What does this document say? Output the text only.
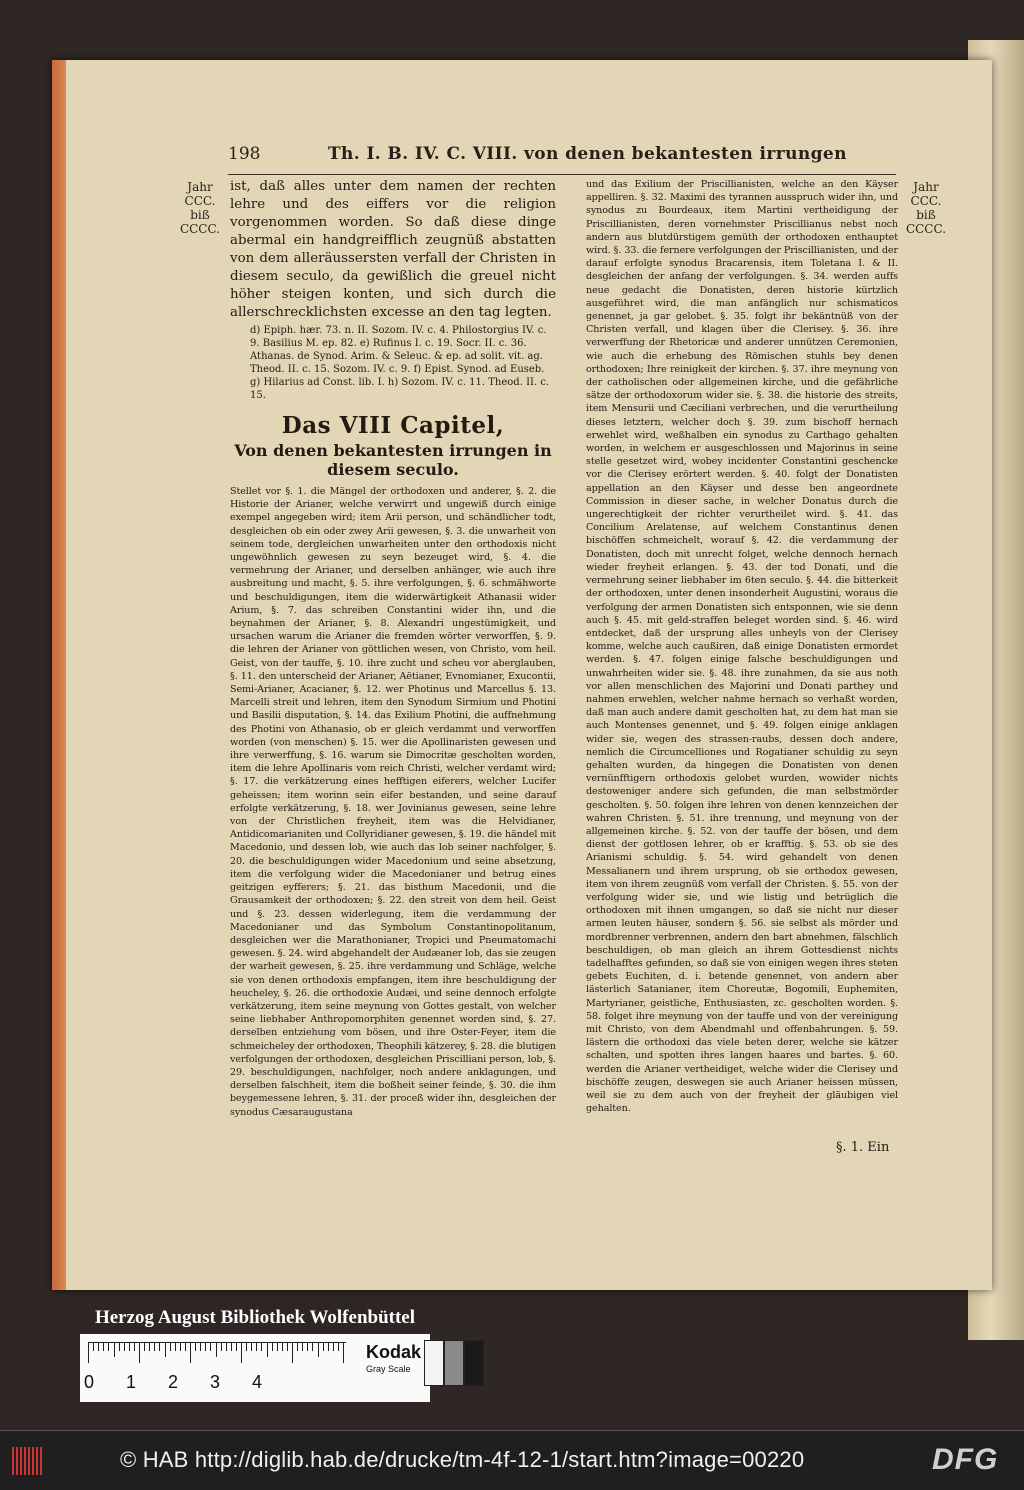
198	Th. I. B. IV. C. VIII. von denen bekantesten irrungen
Jahr
CCC.
biß
CCCC.
Jahr
CCC.
biß
CCCC.
ist, daß alles unter dem namen der rechten lehre und des eiffers vor die religion vorgenommen worden. So daß diese dinge abermal ein handgreifflich zeugnüß abstatten von dem alleräussersten verfall der Christen in diesem seculo, da gewißlich die greuel nicht höher steigen konten, und sich durch die allerschrecklichsten excesse an den tag legten.
d) Epiph. hær. 73. n. II. Sozom. IV. c. 4. Philostorgius IV. c. 9. Basilius M. ep. 82. e) Rufinus I. c. 19. Socr. II. c. 36. Athanas. de Synod. Arim. & Seleuc. & ep. ad solit. vit. ag. Theod. II. c. 15. Sozom. IV. c. 9. f) Epist. Synod. ad Euseb. g) Hilarius ad Const. lib. I. h) Sozom. IV. c. 11. Theod. II. c. 15.
Das VIII Capitel,
Von denen bekantesten irrungen in diesem seculo.
Stellet vor §. 1. die Mängel der orthodoxen und anderer, §. 2. die Historie der Arianer, welche verwirrt und ungewiß durch einige exempel angegeben wird; item Arii person, und schändlicher todt, desgleichen ob ein oder zwey Arii gewesen, §. 3. die unwarheit von seinem tode, dergleichen unwarheiten unter den orthodoxis nicht ungewöhnlich gewesen zu seyn bezeuget wird, §. 4. die vermehrung der Arianer, und derselben anhänger, wie auch ihre ausbreitung und macht, §. 5. ihre verfolgungen, §. 6. schmähworte und beschuldigungen, item die widerwärtigkeit Athanasii wider Arium, §. 7. das schreiben Constantini wider ihn, und die beynahmen der Arianer, §. 8. Alexandri ungestümigkeit, und ursachen warum die Arianer die fremden wörter verworffen, §. 9. die lehren der Arianer von göttlichen wesen, von Christo, vom heil. Geist, von der tauffe, §. 10. ihre zucht und scheu vor aberglauben, §. 11. den unterscheid der Arianer, Aëtianer, Evnomianer, Exucontii, Semi-Arianer, Acacianer, §. 12. wer Photinus und Marcellus §. 13. Marcelli streit und lehren, item den Synodum Sirmium und Photini und Basilii disputation, §. 14. das Exilium Photini, die auffnehmung des Photini von Athanasio, ob er gleich verdammt und verworffen worden (von menschen) §. 15. wer die Apollinaristen gewesen und ihre verwerffung, §. 16. warum sie Dimocritæ gescholten worden, item die lehre Apollinaris vom reich Christi, welcher verdamt wird; §. 17. die verkätzerung eines hefftigen eiferers, welcher Lucifer geheissen; item worinn sein eifer bestanden, und seine darauf erfolgte verkätzerung, §. 18. wer Jovinianus gewesen, seine lehre von der Christlichen freyheit, item was die Helvidianer, Antidicomarianiten und Collyridianer gewesen, §. 19. die händel mit Macedonio, und dessen lob, wie auch das lob seiner nachfolger, §. 20. die beschuldigungen wider Macedonium und seine absetzung, item die verfolgung wider die Macedonianer und betrug eines geitzigen eyfferers; §. 21. das bisthum Macedonii, und die Grausamkeit der orthodoxen; §. 22. den streit von dem heil. Geist und §. 23. dessen widerlegung, item die verdammung der Macedonianer und das Symbolum Constantinopolitanum, desgleichen wer die Marathonianer, Tropici und Pneumatomachi gewesen. §. 24. wird abgehandelt der Audæaner lob, das sie zeugen der warheit gewesen, §. 25. ihre verdammung und Schläge, welche sie von denen orthodoxis empfangen, item ihre beschuldigung der heucheley, §. 26. die orthodoxie Audæi, und seine dennoch erfolgte verkätzerung, item seine meynung von Gottes gestalt, von welcher seine liebhaber Anthropomorphiten genennet worden sind, §. 27. derselben entziehung vom bösen, und ihre Oster-Feyer, item die schmeicheley der orthodoxen, Theophili kätzerey, §. 28. die blutigen verfolgungen der orthodoxen, desgleichen Priscilliani person, lob, §. 29. beschuldigungen, nachfolger, noch andere anklagungen, und derselben falschheit, item die boßheit seiner feinde, §. 30. die ihm beygemessene lehren, §. 31. der proceß wider ihn, desgleichen der synodus Cæsaraugustana
und das Exilium der Priscillianisten, welche an den Käyser appelliren. §. 32. Maximi des tyrannen ausspruch wider ihn, und synodus zu Bourdeaux, item Martini vertheidigung der Priscillianisten, deren vornehmster Priscillianus nebst noch andern aus blutdürstigem gemüth der orthodoxen enthauptet wird. §. 33. die fernere verfolgungen der Priscillianisten, und der darauf erfolgte synodus Bracarensis, item Toletana I. & II. desgleichen der anfang der verfolgungen. §. 34. werden auffs neue gedacht die Donatisten, deren historie kürtzlich ausgeführet wird, die man anfänglich nur schismaticos genennet, ja gar gelobet. §. 35. folgt ihr bekäntnüß von der Christen verfall, und klagen über die Clerisey. §. 36. ihre verwerffung der Rhetoricæ und anderer unnützen Ceremonien, wie auch die erhebung des Römischen stuhls bey denen orthodoxen; Ihre reinigkeit der kirchen. §. 37. ihre meynung von der catholischen oder allgemeinen kirche, und die gefährliche sätze der orthodoxorum wider sie. §. 38. die historie des streits, item Mensurii und Cæciliani verbrechen, und die verurtheilung dieses letztern, welcher doch §. 39. zum bischoff hernach erwehlet wird, weßhalben ein synodus zu Carthago gehalten worden, in welchem er ausgeschlossen und Majorinus in seine stelle gesetzet wird, wobey incidenter Constantini geschencke vor die Clerisey erörtert werden. §. 40. folgt der Donatisten appellation an den Käyser und desse ben angeordnete Commission in dieser sache, in welcher Donatus durch die ungerechtigkeit der richter verurtheilet wird. §. 41. das Concilium Arelatense, auf welchem Constantinus denen bischöffen schmeichelt, worauf §. 42. die verdammung der Donatisten, doch mit unrecht folget, welche dennoch hernach wieder freyheit erlangen. §. 43. der tod Donati, und die vermehrung seiner liebhaber im 6ten seculo. §. 44. die bitterkeit der orthodoxen, unter denen insonderheit Augustini, woraus die verfolgung der armen Donatisten sich entsponnen, wie sie denn auch §. 45. mit geld-straffen beleget worden sind. §. 46. wird entdecket, daß der ursprung alles unheyls von der Clerisey komme, welche auch caußiren, daß einige Donatisten ermordet werden. §. 47. folgen einige falsche beschuldigungen und unwahrheiten wider sie. §. 48. ihre zunahmen, da sie aus noth vor allen menschlichen des Majorini und Donati parthey und nahmen erwehlen, welcher nahme hernach so verhaßt worden, daß man auch andere damit gescholten hat, zu dem hat man sie auch Montenses genennet, und §. 49. folgen einige anklagen wider sie, wegen des strassen-raubs, dessen doch andere, nemlich die Circumcelliones und Rogatianer schuldig zu seyn gehalten wurden, da hingegen die Donatisten von denen vernünfftigern orthodoxis gelobet wurden, wowider nichts destoweniger andere sich gefunden, die man selbstmörder gescholten. §. 50. folgen ihre lehren von denen kennzeichen der wahren Christen. §. 51. ihre trennung, und meynung von der allgemeinen kirche. §. 52. von der tauffe der bösen, und dem dienst der gottlosen lehrer, ob er krafftig. §. 53. ob sie des Arianismi schuldig. §. 54. wird gehandelt von denen Messalianern und ihrem ursprung, ob sie orthodox gewesen, item von ihrem zeugnüß vom verfall der Christen. §. 55. von der verfolgung wider sie, und wie listig und betrüglich die orthodoxen mit ihnen umgangen, so daß sie nicht nur dieser armen leuten häuser, sondern §. 56. sie selbst als mörder und mordbrenner verbrennen, andern den bart abnehmen, fälschlich beschuldigen, ob man gleich an ihrem Gottesdienst nichts tadelhafftes gefunden, so daß sie von einigen wegen ihres steten gebets Euchiten, d. i. betende genennet, von andern aber lästerlich Satanianer, item Choreutæ, Bogomili, Euphemiten, Martyrianer, geistliche, Enthusiasten, zc. gescholten worden. §. 58. folget ihre meynung von der tauffe und von der vereinigung mit Christo, von dem Abendmahl und offenbahrungen. §. 59. lästern die orthodoxi das viele beten derer, welche sie kätzer schalten, und spotten ihres langen haares und bartes. §. 60. werden die Arianer vertheidiget, welche wider die Clerisey und bischöffe zeugen, deswegen sie auch Arianer heissen müssen, weil sie zu dem auch von der freyheit der gläubigen viel gehalten.
§. 1. Ein
Herzog August Bibliothek Wolfenbüttel
0 1 2 3 4
Kodak
Gray Scale
© HAB http://diglib.hab.de/drucke/tm-4f-12-1/start.htm?image=00220	DFG
